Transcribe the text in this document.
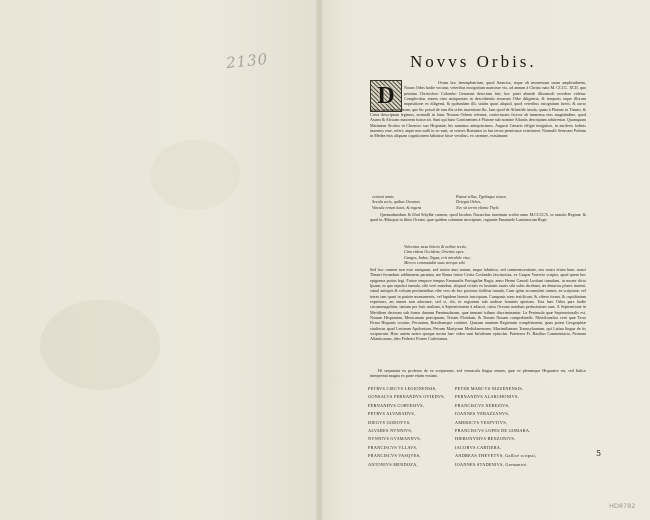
2130	Novvs Orbis.
D	Ovum hoc hemisphærium, quod America, atque ob immensam suam amplitudinem, Nouus Orbis hodie vocatur, veteribus incognitum mansisse vix, ad annum à Christo nato M. CCCC. XCII. quo primùm Christoforo Colombo Genuensi detectum fuit; hoc patet abunde illiusmodi recedere videtur. Complectitur autem cùm antiquorum in describendo terrarum Orbe diligentia, & temporis atque illorum inquisitione ex diligenti, & quibusdam illi, statim quasi aliquid, quod veteribus incognitum fuerit, & aucto ipsius constanti notatum, quo hic potuit de tam illa orbis inuentione.&c. Iam quod de Atlantide insula, quam à Platone in Timæo, & Critia descriptam legimus, nonnulli in hunc Nouum Orbem referunt, coniecturam fecisse ab immensa eius magnitudine, quod Asiam & Africam maiorem fuisse ait. Sunt qui hanc Continentem à Platone sub nomine Atlantis descriptam arbitrentur. Quamquam Marinæus Siculus in Chronico suo Hispaniæ, his nummos antiquissimos, Augusti Cæsaris effigie insignitos, in auriferis fodinis inuentos esse, refert; atque non nulli in eo sunt, ut veteres Romanos in has terras penetrasse existiment. Nonnulli Senecam Poëtam in Medea eius aliquam cognitionem habuisse hisce versibus, ex carmine, existimant:
venient annis
Secula seris, quibus Oceanus
Vincula rerum laxet, & ingens
Pateat tellus, Typhisque nouos
Detegat Orbes,
Nec sit terris vltima Thyle.
Quemadmodum & illud Sibyllæ carmen, quod Iacobus Nazarchus inuentum scribit anno M.CCCCX. in tumulo Reginæ, & quod in Æthiopia in libris Oceani, quæ quidem columnæ inscriptum, regnante Emanuele Lusitanorum Rege:
Volventur saxa litteris & ordine rectis,
Cùm videas Occidens, Orientis opes.
Ganges, Indus, Tagus, erit mirabile visu,
Merces commutabit suas vterque sibi.
Sed hoc carmen non esse antiquum, sed nostro æuo natum, eaque fabulosa, sed commemoratione, nos nostri etiam hunc nostri Theatri fecundum additionem paratam, me Roma fuisse Certia Cosfandis fascinosius, ex Gaspar Varrerio scriptis, apud quem hoc epigrama potius legi. Fuisse tempore tempus Emanuelis Portugaliæ Regis, anno Hermi Canodi Lusitani tumulum, in monte dicto Ipsum, in quo sepulcri tumulo, sibi verò manibus, aliquod vicinis ex lusitanis tauris sibi solus dicebant, æs denarios plures inuenti, simul antiquis & volsum pertinentibus vibe vero ab hoc proximo fodibus tumulo, Cum igitur accumulent omnes, ea scripturæ, vel terras iam quasi in pariete monumentis, vel lapidem hiemis inscriptum, Campanis sono testificant, & vibera forma, & cupiditatum expressus, æs tamen non adornare, sed si, vbi, in regionem sub audisse hominis apertum. Tota hæc Orbis pars hodie circummagiditur, tantum per huic multum, à Septentrionem à adiacet, cuius Oceano nondum perlustratum sunt. A Septentrione in Meridiem deorsum sub forma duarum Pæninsularum, quæ immani isthmo discriminantur. La Peninsula quæ Septentrionalis est, Nouum Hispaniam, Mexicanum præcipuam, Terram Floridam, & Terram Nouam comprehendit. Meridionalior verò quæ Terra Firma Hispanis vocatur, Peruuiam, Brasiliamque continet. Quarum omnium Regionum completionem, ipsas potest Geographiæ studiosus apud Leuinum Apolonium, Petrum Martyrum Mediolanensem, Maximilianum Transsyluanum, qui Latina lingua de iis scripserunt. Hinc autem nostri quoque nostra hæc video sunt Infulerum epistolas. Praeterea Fr. Basilius Commentario, Fermam Atlanticarum, ideo Federici Fontes Carlesianus.
Hi sequuntur ex professo de ea scripserunt, sed vernacula lingua omnes, quæ ve plerumque Hispanice est, sed Italice interpretati magna ex parte etiam exstant.
PETRVS CIECVS LEGIONENSIS,
GONSALVS FERNANDVS OVIEDVS,
FERNANDVS CORTESIVS,
PETRVS ALVARADVS,
DIEGVS GODOYVS,
ALVARES NVNNIVS,
NVNNIVS GVSMANNVS,
FRANCISCVS VLLAVS,
FRANCISCVS VASQVES,
ANTONIVS MENDOZA,
PETER MARCVS NIZZENENSIS,
FERNANDVS ALARCHONIVS,
FRANCISCVS XEREZIVS,
IOANNES VERAZZANVS,
AMERICVS VESPVTIVS,
FRANCISCVS LOPES DE GOMARA,
HIERONYMVS BENZONIVS,
IACOBVS CARTIERA,
ANDREAS THEVETVS, Gallicè scripsit,
IOANNES STADENIVS, Germanicè.
5
HD8782
